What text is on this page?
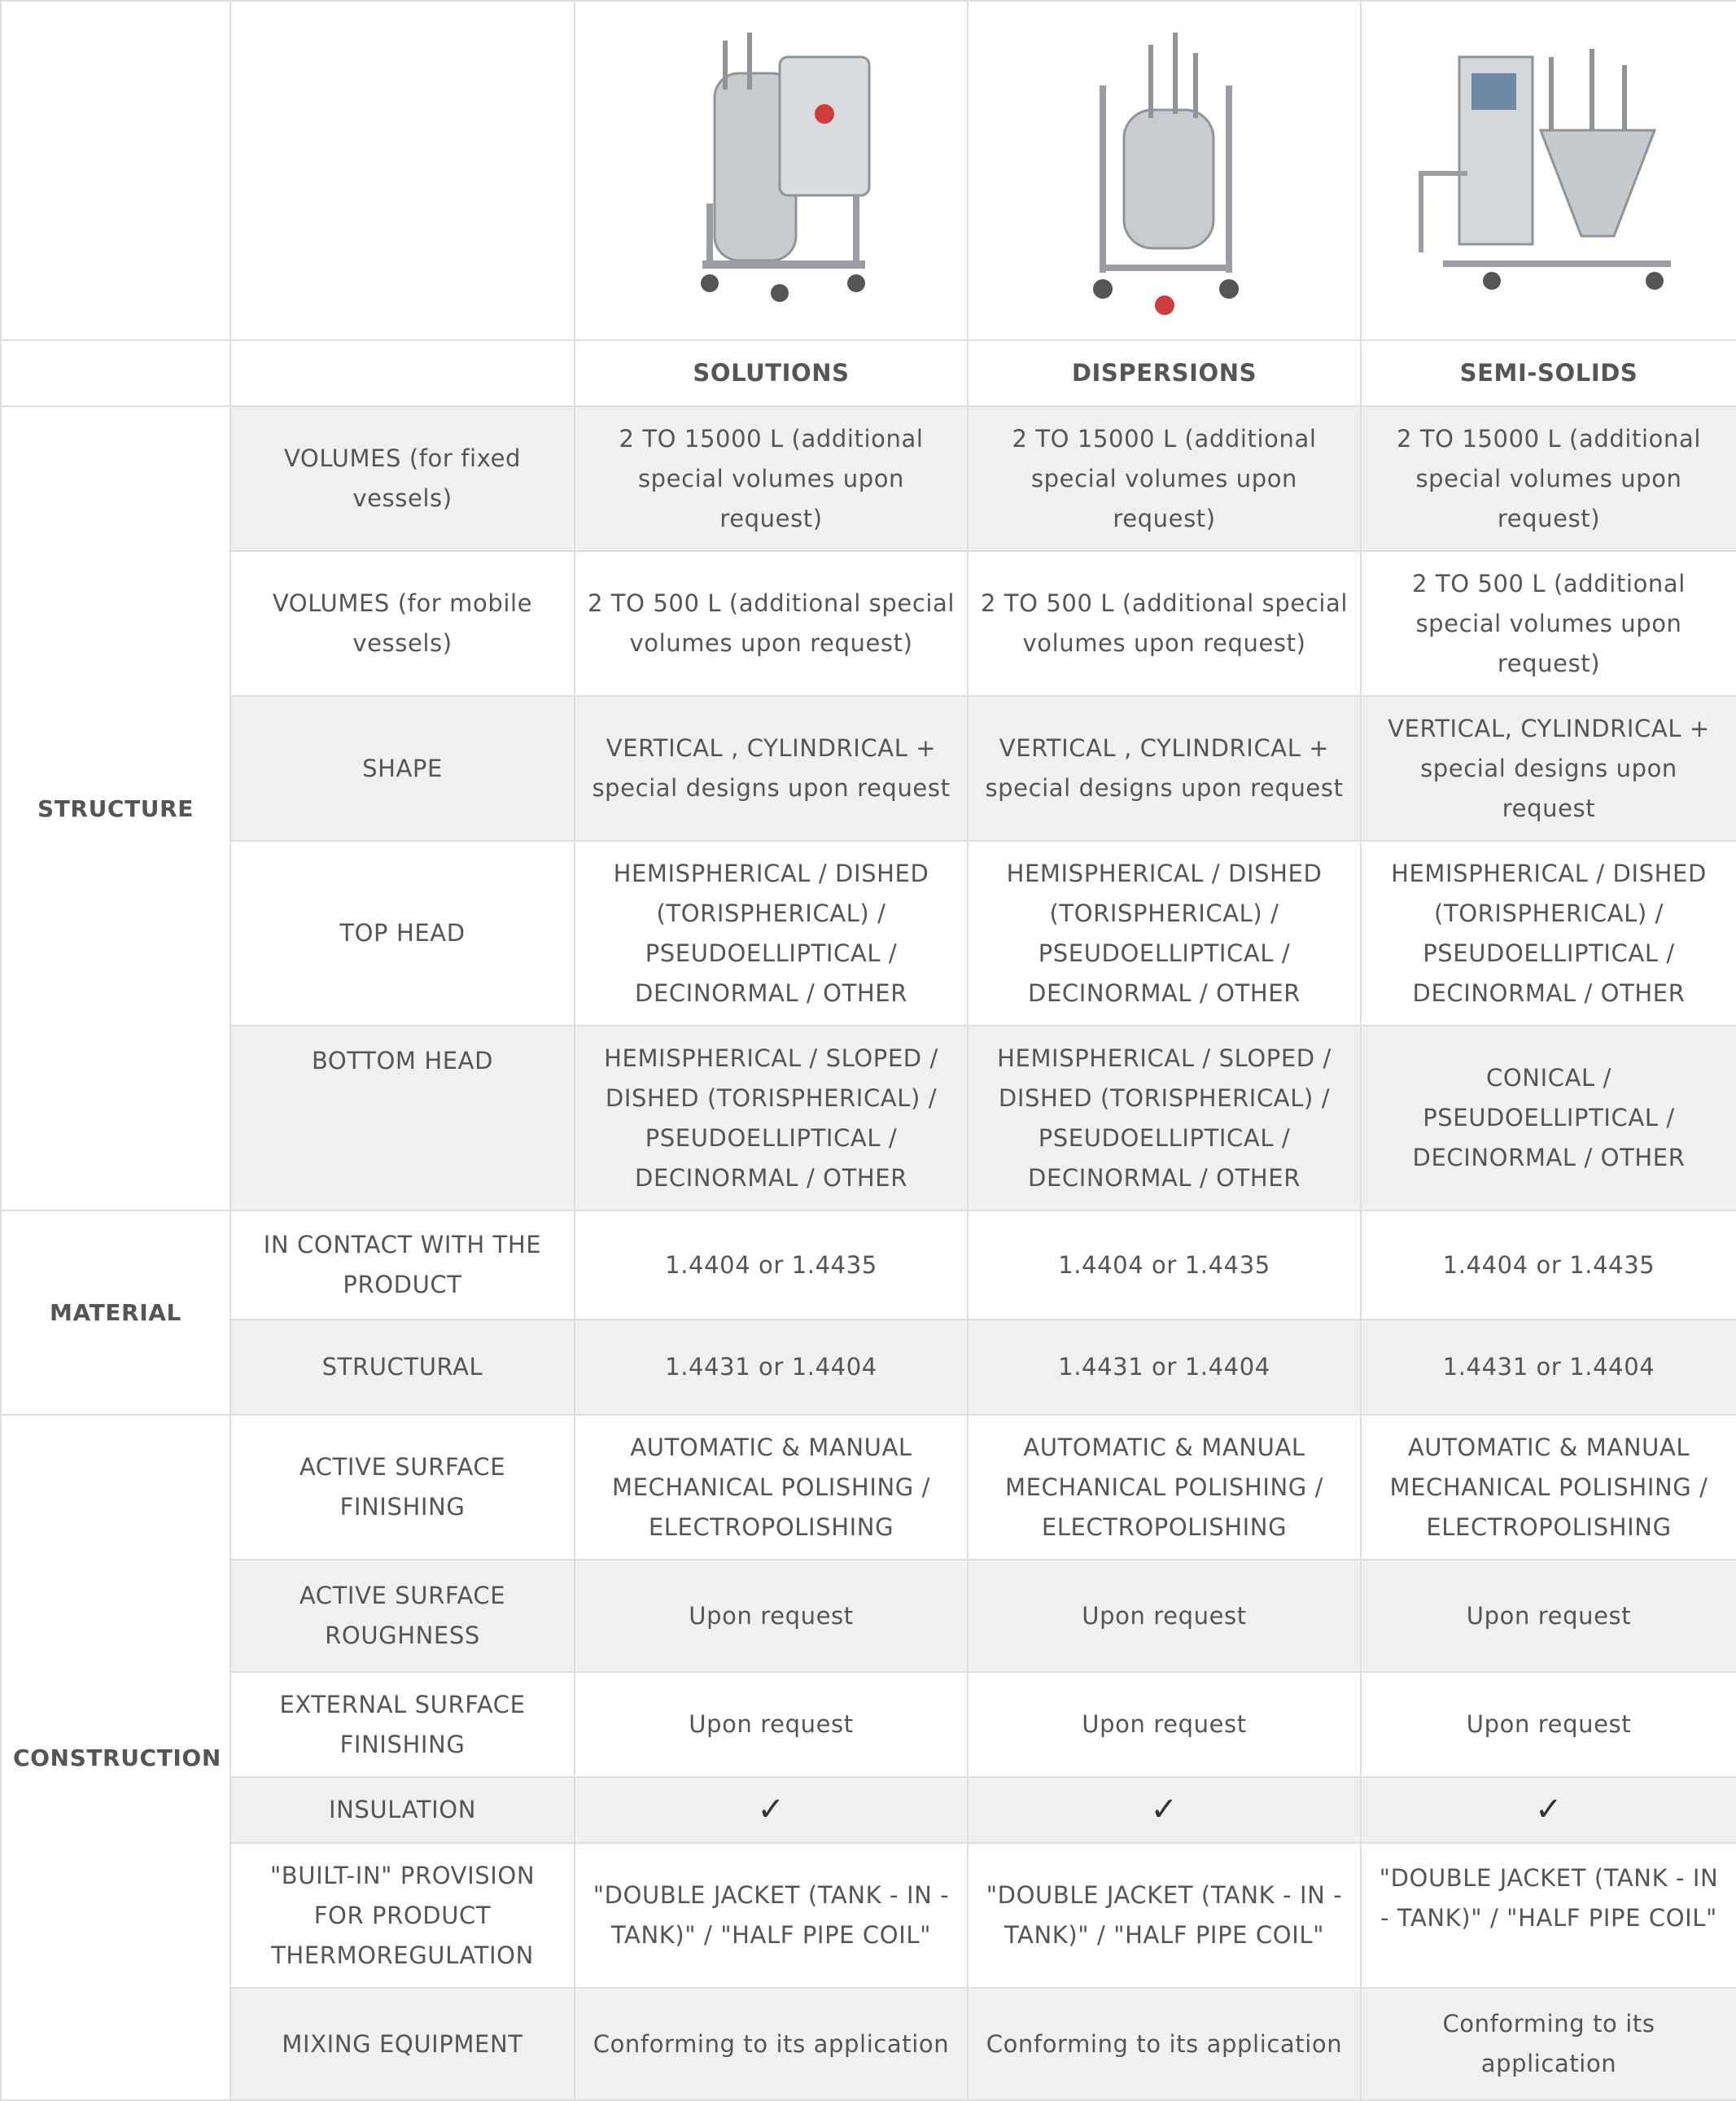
		SOLUTIONS	DISPERSIONS	SEMI-SOLIDS
STRUCTURE	VOLUMES (for fixed vessels)	2 TO 15000 L (additional special volumes upon request)	2 TO 15000 L (additional special volumes upon request)	2 TO 15000 L (additional special volumes upon request)
	VOLUMES (for mobile vessels)	2 TO 500 L (additional special volumes upon request)	2 TO 500 L (additional special volumes upon request)	2 TO 500 L (additional special volumes upon request)
	SHAPE	VERTICAL , CYLINDRICAL + special designs upon request	VERTICAL , CYLINDRICAL + special designs upon request	VERTICAL, CYLINDRICAL + special designs upon request
	TOP HEAD	HEMISPHERICAL / DISHED (TORISPHERICAL) / PSEUDOELLIPTICAL / DECINORMAL / OTHER	HEMISPHERICAL / DISHED (TORISPHERICAL) / PSEUDOELLIPTICAL / DECINORMAL / OTHER	HEMISPHERICAL / DISHED (TORISPHERICAL) / PSEUDOELLIPTICAL / DECINORMAL / OTHER
	BOTTOM HEAD	HEMISPHERICAL / SLOPED / DISHED (TORISPHERICAL) / PSEUDOELLIPTICAL / DECINORMAL / OTHER	HEMISPHERICAL / SLOPED / DISHED (TORISPHERICAL) / PSEUDOELLIPTICAL / DECINORMAL / OTHER	CONICAL / PSEUDOELLIPTICAL / DECINORMAL / OTHER
MATERIAL	IN CONTACT WITH THE PRODUCT	1.4404 or 1.4435	1.4404 or 1.4435	1.4404 or 1.4435
	STRUCTURAL	1.4431 or 1.4404	1.4431 or 1.4404	1.4431 or 1.4404
CONSTRUCTION	ACTIVE SURFACE FINISHING	AUTOMATIC & MANUAL MECHANICAL POLISHING / ELECTROPOLISHING	AUTOMATIC & MANUAL MECHANICAL POLISHING / ELECTROPOLISHING	AUTOMATIC & MANUAL MECHANICAL POLISHING / ELECTROPOLISHING
	ACTIVE SURFACE ROUGHNESS	Upon request	Upon request	Upon request
	EXTERNAL SURFACE FINISHING	Upon request	Upon request	Upon request
	INSULATION	✓	✓	✓
	"BUILT-IN" PROVISION FOR PRODUCT THERMOREGULATION	"DOUBLE JACKET (TANK - IN - TANK)" / "HALF PIPE COIL"	"DOUBLE JACKET (TANK - IN - TANK)" / "HALF PIPE COIL"	"DOUBLE JACKET (TANK - IN - TANK)" / "HALF PIPE COIL"
	MIXING EQUIPMENT	Conforming to its application	Conforming to its application	Conforming to its application
